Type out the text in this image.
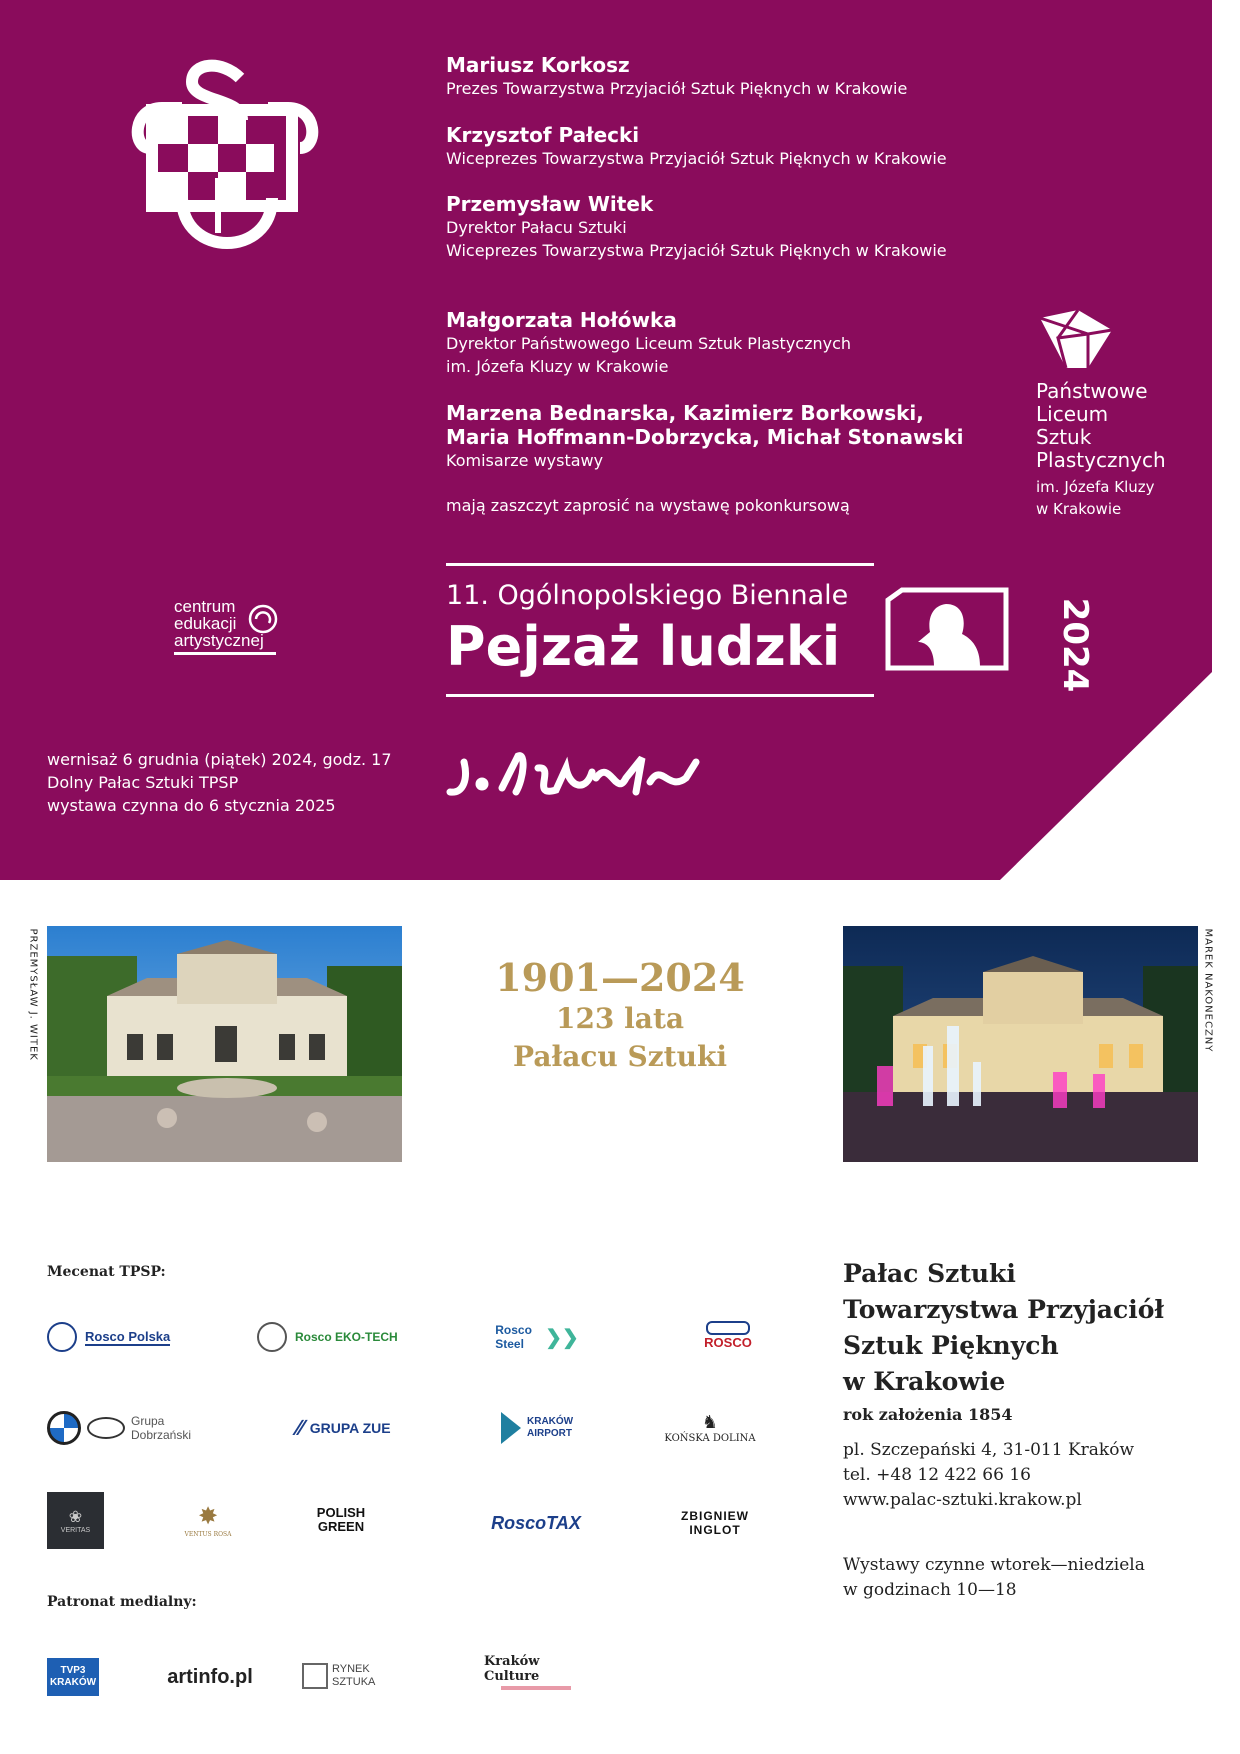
Mariusz Korkosz
Prezes Towarzystwa Przyjaciół Sztuk Pięknych w Krakowie
Krzysztof Pałecki
Wiceprezes Towarzystwa Przyjaciół Sztuk Pięknych w Krakowie
Przemysław Witek
Dyrektor Pałacu Sztuki
Wiceprezes Towarzystwa Przyjaciół Sztuk Pięknych w Krakowie
Małgorzata Hołówka
Dyrektor Państwowego Liceum Sztuk Plastycznych
im. Józefa Kluzy w Krakowie
Marzena Bednarska, Kazimierz Borkowski,
Maria Hoffmann-Dobrzycka, Michał Stonawski
Komisarze wystawy
mają zaszczyt zaprosić na wystawę pokonkursową
Państwowe
Liceum
Sztuk
Plastycznych
im. Józefa Kluzy
w Krakowie
centrum
edukacji
artystycznej
11. Ogólnopolskiego Biennale
Pejzaż ludzki	2024
wernisaż 6 grudnia (piątek) 2024, godz. 17
Dolny Pałac Sztuki TPSP
wystawa czynna do 6 stycznia 2025
J. Kluza
PRZEMYSŁAW J. WITEK	MAREK NAKONECZNY
1901—2024
123 lata
Pałacu Sztuki
Mecenat TPSP:
Rosco Polska	Rosco EKO-TECH	Rosco Steel	❯❯	ROSCO
Grupa Dobrzański	∕∕ GRUPA ZUE	KRAKÓW AIRPORT
♞
KOŃSKA DOLINA
❀
VERITAS
✸
VENTUS ROSA
POLISH GREEN	RoscoTAX	ZBIGNIEW INGLOT
Patronat medialny:
TVP3 KRAKÓW	artinfo.pl	RYNEK SZTUKA
Kraków Culture
Pałac Sztuki
Towarzystwa Przyjaciół
Sztuk Pięknych
w Krakowie
rok założenia 1854
pl. Szczepański 4, 31-011 Kraków
tel. +48 12 422 66 16
www.palac-sztuki.krakow.pl
Wystawy czynne wtorek—niedziela
w godzinach 10—18
